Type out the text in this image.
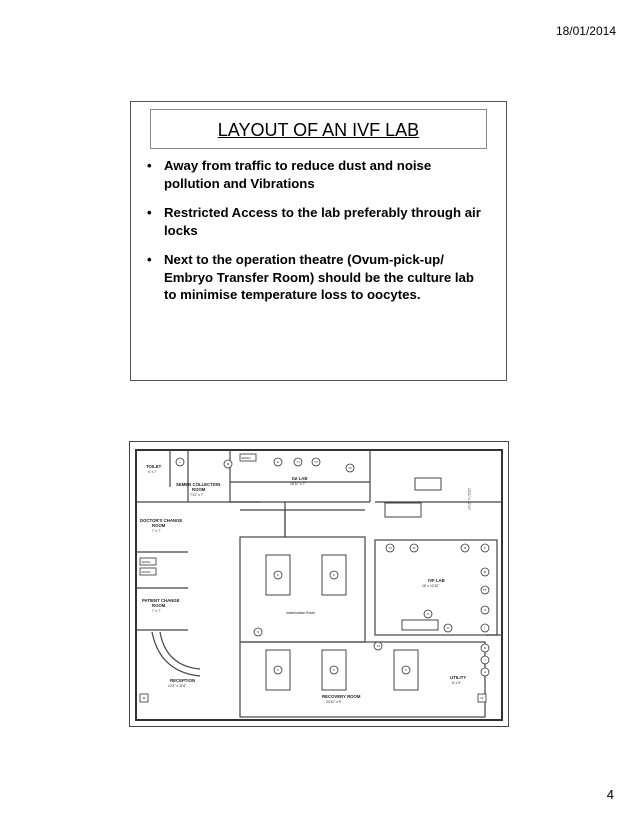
18/01/2014
LAYOUT OF AN IVF LAB
• Away from traffic to reduce dust and noise pollution and Vibrations
• Restricted Access to the lab preferably through air locks
• Next to the operation theatre (Ovum-pick-up/ Embryo Transfer Room) should be the culture lab to minimise temperature loss to oocytes.
TOILET
4' x 7'
SEMEN COLLECTION
ROOM
7'11" x 7'
IUI LAB
15'11" x 7'
DOCTOR'S CHANGE
ROOM
7' x 7'
PATIENT CHANGE
ROOM
7' x 7'	Insemination Room
IVF LAB
15' x 12'10"
RECEPTION
12'3" x 11'6"
RECOVERY ROOM
24'11" x 9'
UTILITY
6' x 9'
13'11" x 12'10"
WASH
WASH
WASH
L	M	E	Y1	Y2
T2
T4	T1	R	F
B
T3
G
I
D
J
H
S
C
K	K
K	K	K
N
T3
M	W
4
